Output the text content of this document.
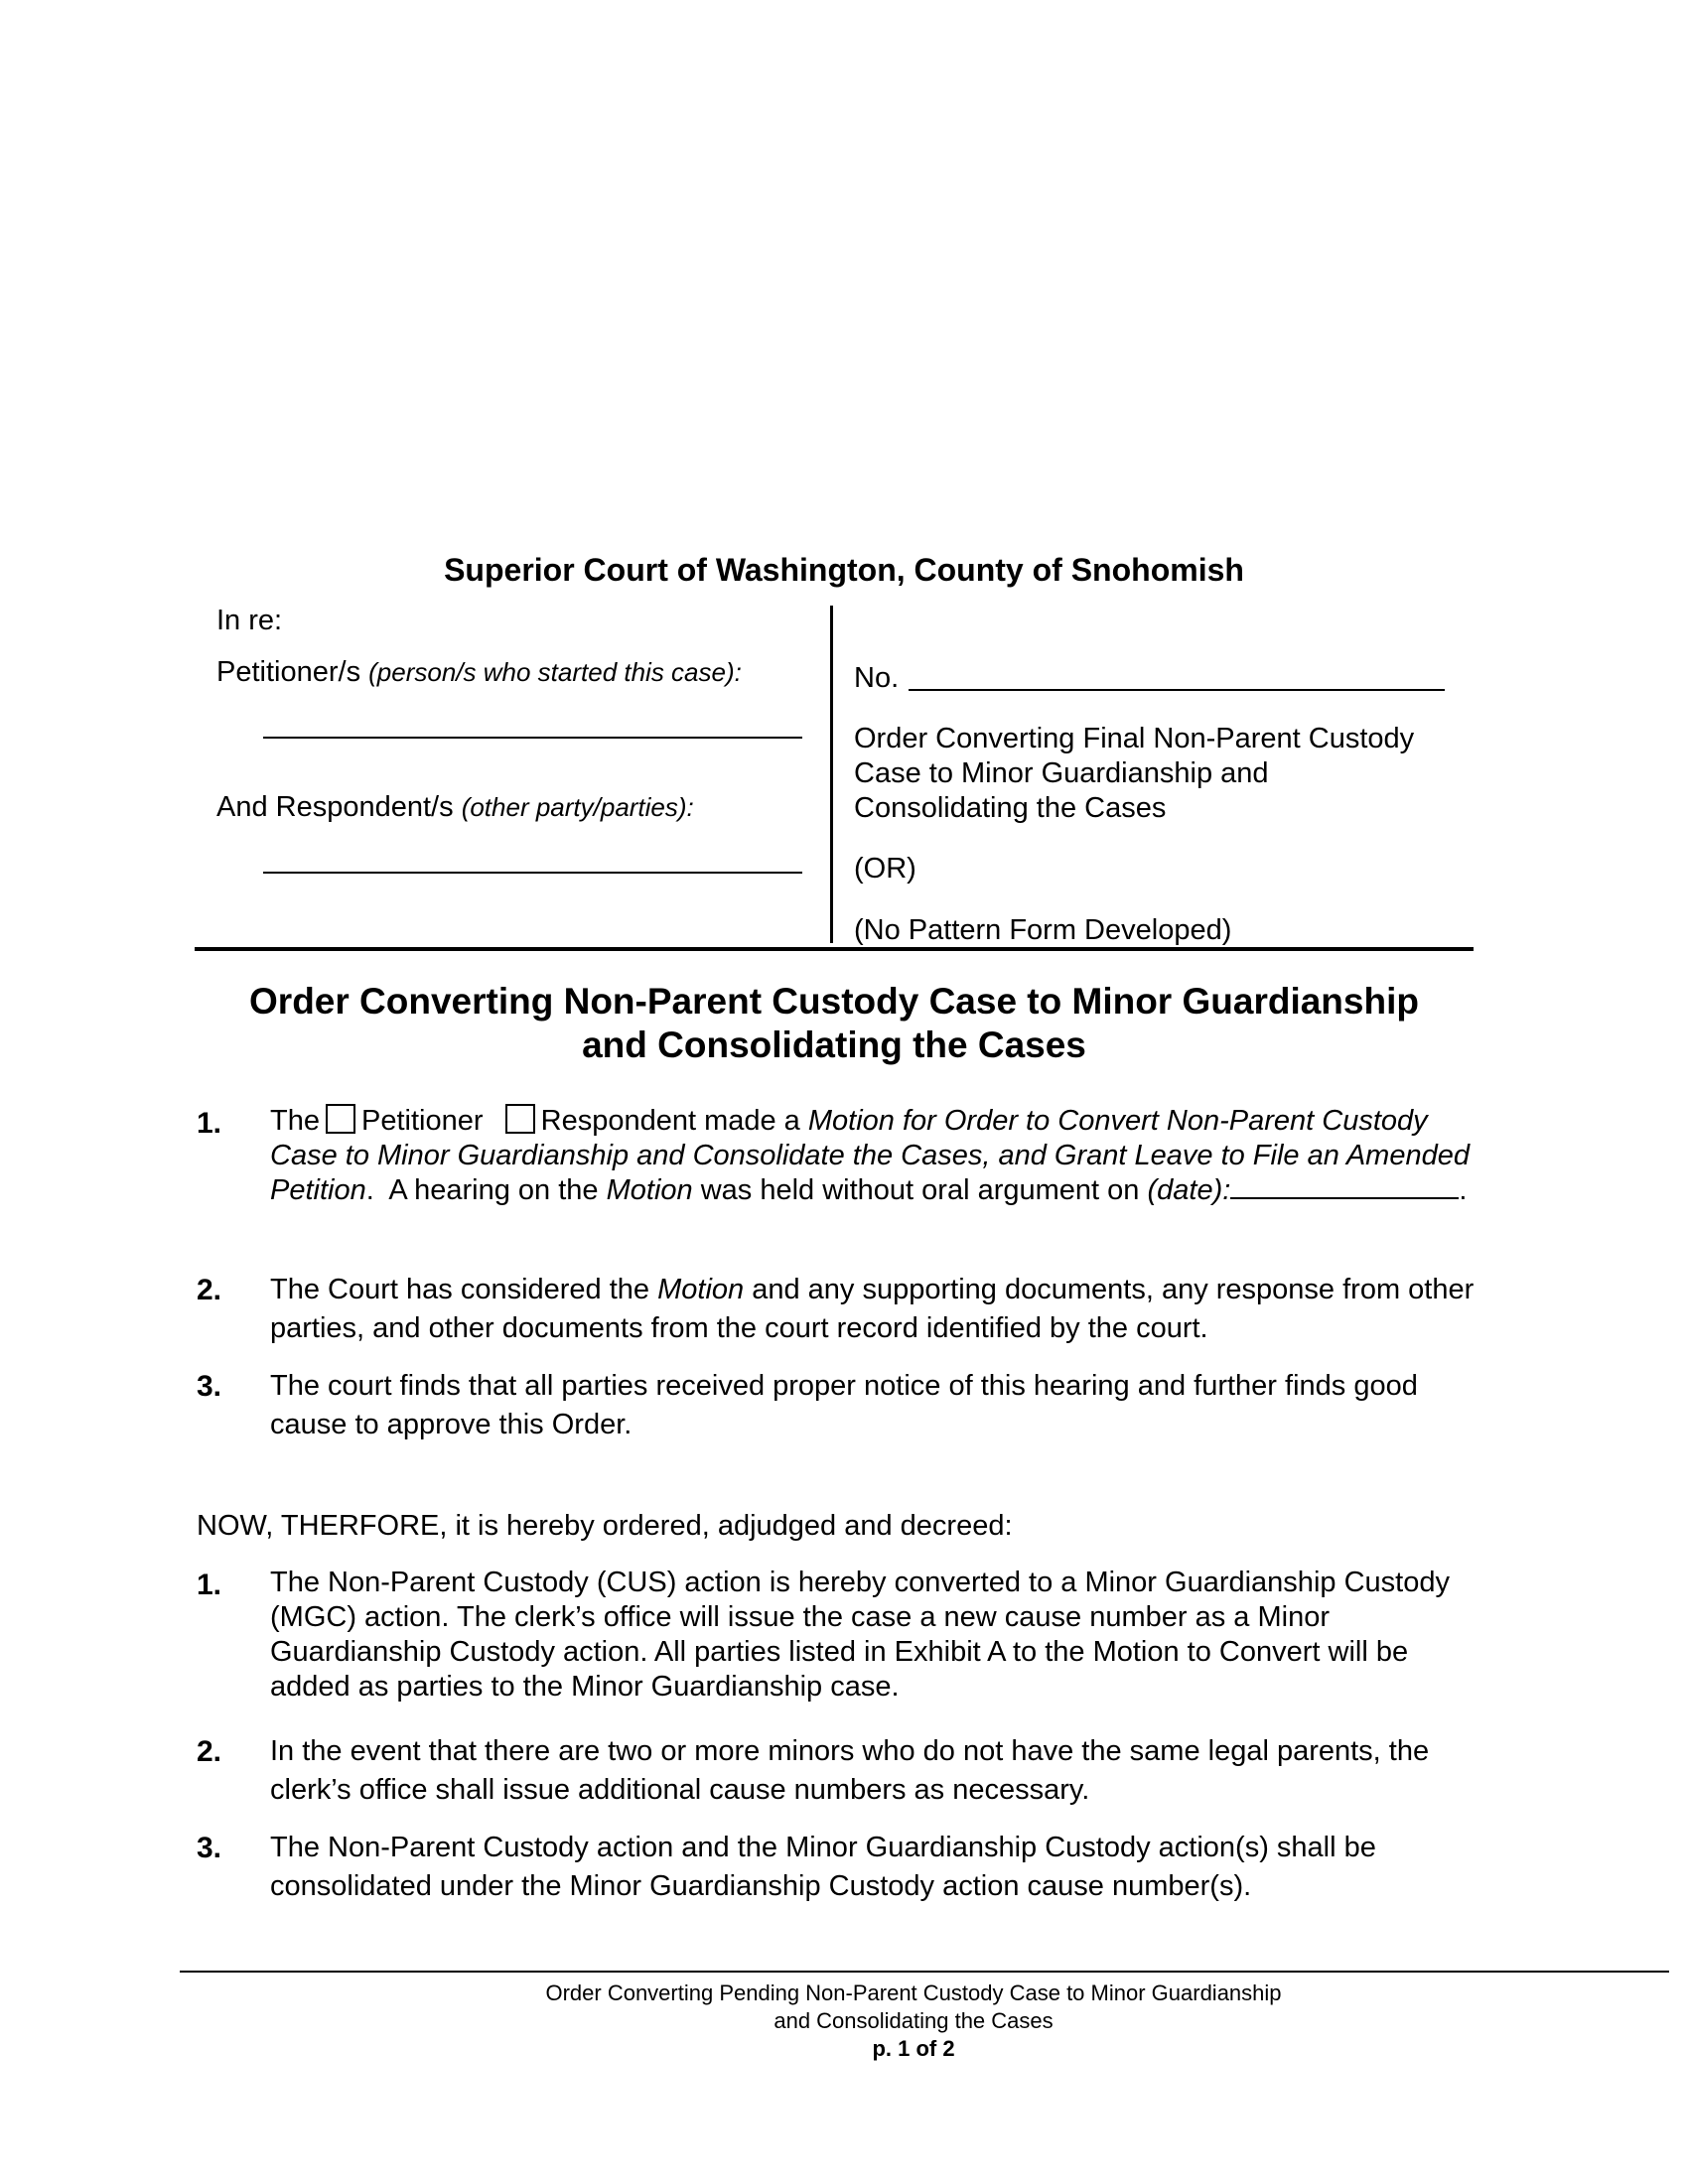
Superior Court of Washington, County of Snohomish
In re:
Petitioner/s (person/s who started this case):
And Respondent/s (other party/parties):
No.
Order Converting Final Non-Parent Custody
Case to Minor Guardianship and
Consolidating the Cases
(OR)
(No Pattern Form Developed)
Order Converting Non-Parent Custody Case to Minor Guardianship
and Consolidating the Cases
1. The Petitioner Respondent made a Motion for Order to Convert Non-Parent Custody Case to Minor Guardianship and Consolidate the Cases, and Grant Leave to File an Amended Petition. A hearing on the Motion was held without oral argument on (date):	.
2. The Court has considered the Motion and any supporting documents, any response from other parties, and other documents from the court record identified by the court.
3. The court finds that all parties received proper notice of this hearing and further finds good cause to approve this Order.
NOW, THERFORE, it is hereby ordered, adjudged and decreed:
1. The Non-Parent Custody (CUS) action is hereby converted to a Minor Guardianship Custody (MGC) action. The clerk’s office will issue the case a new cause number as a Minor Guardianship Custody action. All parties listed in Exhibit A to the Motion to Convert will be added as parties to the Minor Guardianship case.
2. In the event that there are two or more minors who do not have the same legal parents, the clerk’s office shall issue additional cause numbers as necessary.
3. The Non-Parent Custody action and the Minor Guardianship Custody action(s) shall be consolidated under the Minor Guardianship Custody action cause number(s).
Order Converting Pending Non-Parent Custody Case to Minor Guardianship
and Consolidating the Cases
p. 1 of 2
